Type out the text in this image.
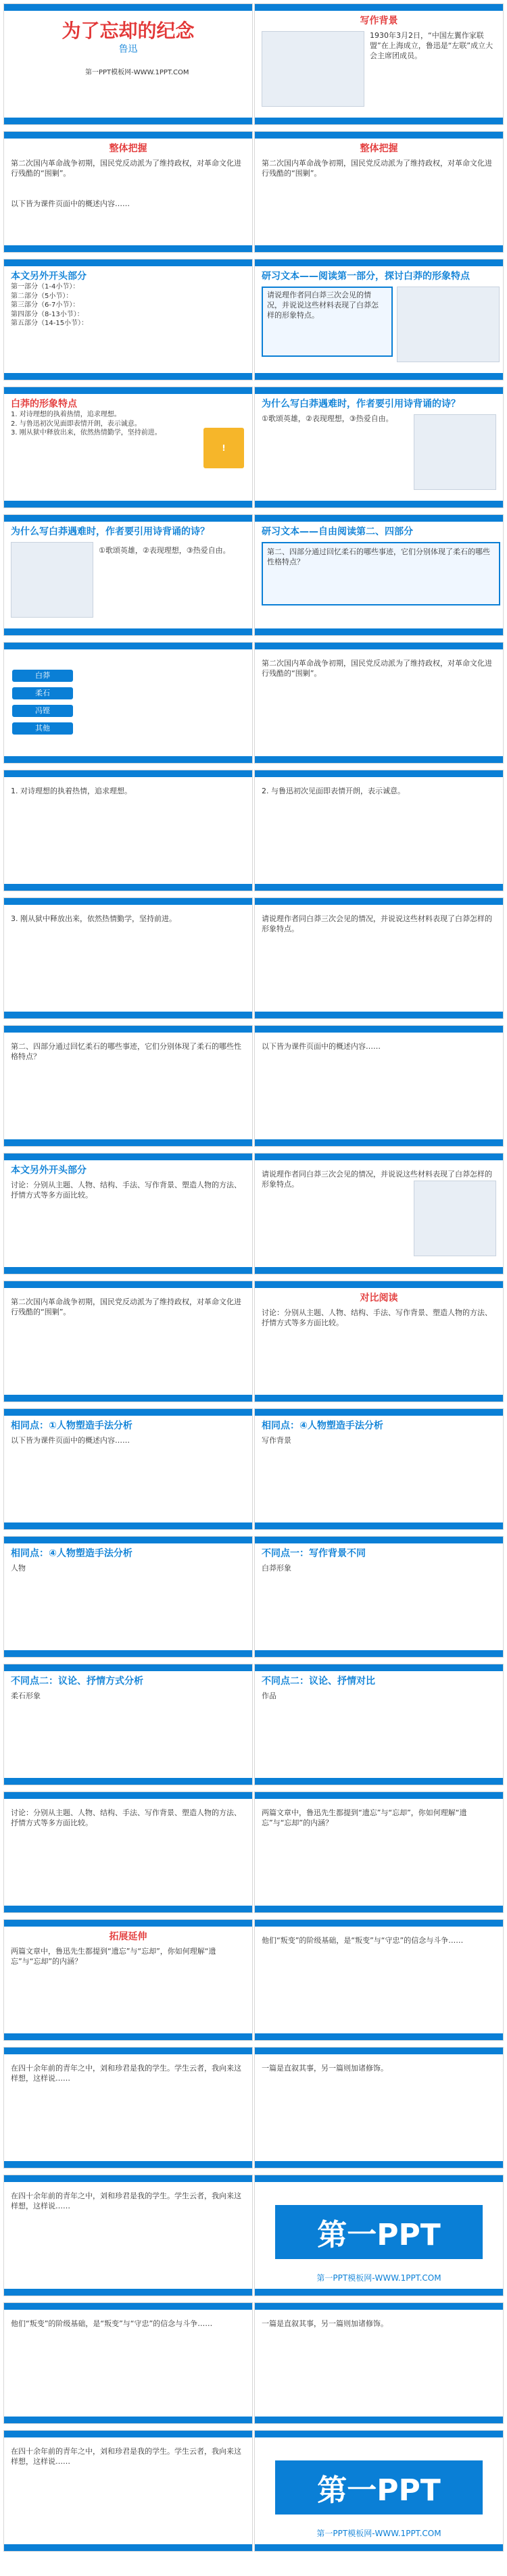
为了忘却的纪念
鲁迅
第一PPT模板网-WWW.1PPT.COM
写作背景
1930年3月2日，“中国左翼作家联盟”在上海成立，鲁迅是“左联”成立大会主席团成员。
整体把握
第二次国内革命战争初期，国民党反动派为了维持政权，对革命文化进行残酷的“围剿”。
以下皆为课件页面中的概述内容……
整体把握
第二次国内革命战争初期，国民党反动派为了维持政权，对革命文化进行残酷的“围剿”。
本文另外开头部分
第一部分（1-4小节）：
第二部分（5小节）：
第三部分（6-7小节）：
第四部分（8-13小节）：
第五部分（14-15小节）：
研习文本——阅读第一部分，探讨白莽的形象特点
请说理作者同白莽三次会见的情况，并说说这些材料表现了白莽怎样的形象特点。
白莽的形象特点
1. 对诗理想的执着热情，追求理想。
2. 与鲁迅初次见面即表情开朗，表示诚意。
3. 刚从狱中释放出来，依然热情勤学，坚持前进。
!
为什么写白莽遇难时，作者要引用诗背诵的诗？
①歌颂英雄，②表现理想，③热爱自由。
为什么写白莽遇难时，作者要引用诗背诵的诗？
①歌颂英雄，②表现理想，③热爱自由。
研习文本——自由阅读第二、四部分
第二、四部分通过回忆柔石的哪些事迹，它们分别体现了柔石的哪些性格特点？
白莽
柔石
冯铿
其他
第二次国内革命战争初期，国民党反动派为了维持政权，对革命文化进行残酷的“围剿”。
1. 对诗理想的执着热情，追求理想。	2. 与鲁迅初次见面即表情开朗，表示诚意。
3. 刚从狱中释放出来，依然热情勤学，坚持前进。	请说理作者同白莽三次会见的情况，并说说这些材料表现了白莽怎样的形象特点。
第二、四部分通过回忆柔石的哪些事迹，它们分别体现了柔石的哪些性格特点？
以下皆为课件页面中的概述内容……
本文另外开头部分
讨论：分别从主题、人物、结构、手法、写作背景、塑造人物的方法、抒情方式等多方面比较。
请说理作者同白莽三次会见的情况，并说说这些材料表现了白莽怎样的形象特点。
第二次国内革命战争初期，国民党反动派为了维持政权，对革命文化进行残酷的“围剿”。
对比阅读
讨论：分别从主题、人物、结构、手法、写作背景、塑造人物的方法、抒情方式等多方面比较。
相同点：①人物塑造手法分析
以下皆为课件页面中的概述内容……
相同点：④人物塑造手法分析
写作背景
相同点：④人物塑造手法分析
人物
不同点一：写作背景不同
白莽形象
不同点二：议论、抒情方式分析
柔石形象
不同点二：议论、抒情对比
作品
讨论：分别从主题、人物、结构、手法、写作背景、塑造人物的方法、抒情方式等多方面比较。
两篇文章中，鲁迅先生都提到“遗忘”与“忘却”，你如何理解“遗忘”与“忘却”的内涵？
拓展延伸
两篇文章中，鲁迅先生都提到“遗忘”与“忘却”，你如何理解“遗忘”与“忘却”的内涵？
他们“叛变”的阶级基础，是“叛变”与“守忠”的信念与斗争……
在四十余年前的青年之中，刘和珍君是我的学生。学生云者，我向来这样想，这样说……
一篇是直叙其事，另一篇则加诸修饰。
在四十余年前的青年之中，刘和珍君是我的学生。学生云者，我向来这样想，这样说……
第一PPT
第一PPT模板网-WWW.1PPT.COM
他们“叛变”的阶级基础，是“叛变”与“守忠”的信念与斗争……	一篇是直叙其事，另一篇则加诸修饰。
在四十余年前的青年之中，刘和珍君是我的学生。学生云者，我向来这样想，这样说……
第一PPT
第一PPT模板网-WWW.1PPT.COM
